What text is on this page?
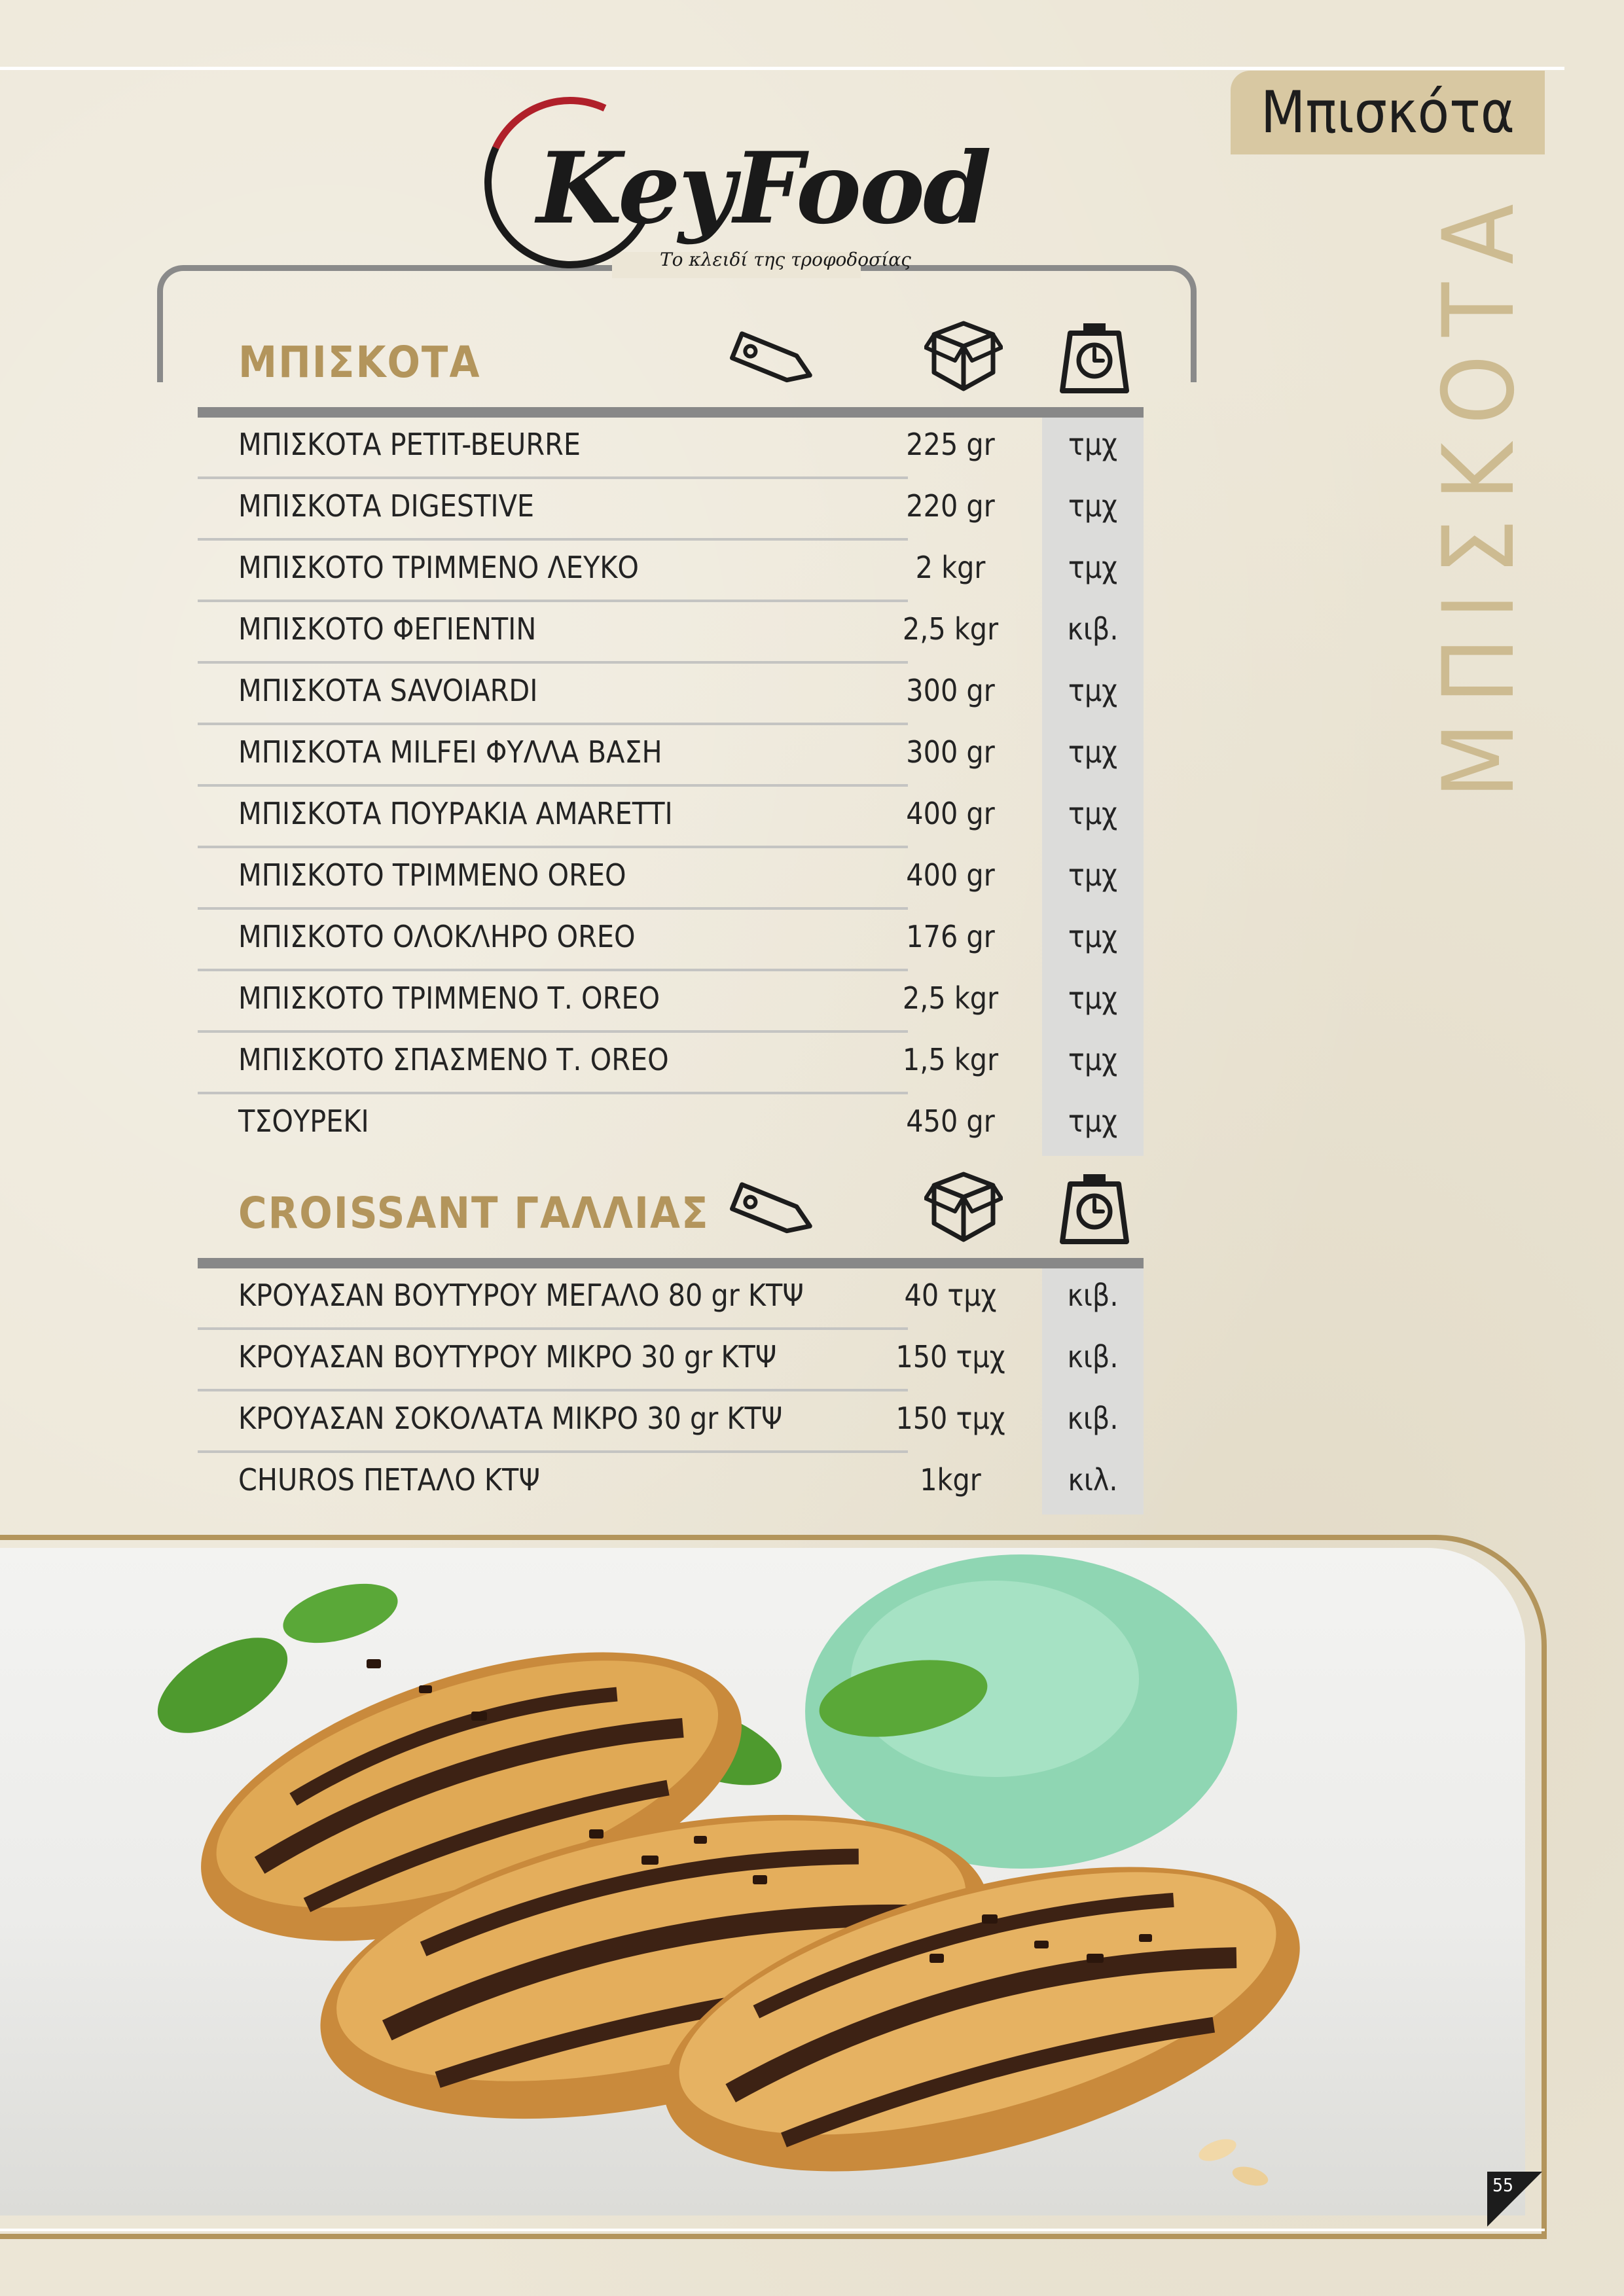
Μπισκότα
ΜΠΙΣΚΟΤΑ
KeyFood
Το κλειδί της τροφοδοσίας
ΜΠΙΣΚΟΤΑ
ΜΠΙΣΚΟΤΑ PETIT-BEURRE	225 gr	τμχ
ΜΠΙΣΚΟΤΑ DIGESTIVE	220 gr	τμχ
ΜΠΙΣΚΟΤΟ ΤΡΙΜΜΕΝΟ ΛΕΥΚΟ	2 kgr	τμχ
ΜΠΙΣΚΟΤΟ ΦΕΓΙΕΝΤΙΝ	2,5 kgr	κιβ.
ΜΠΙΣΚΟΤΑ SAVOIARDI	300 gr	τμχ
ΜΠΙΣΚΟΤΑ MILFEI ΦΥΛΛΑ ΒΑΣΗ	300 gr	τμχ
ΜΠΙΣΚΟΤΑ ΠΟΥΡΑΚΙΑ AMARETTI	400 gr	τμχ
ΜΠΙΣΚΟΤΟ ΤΡΙΜΜΕΝΟ OREO	400 gr	τμχ
ΜΠΙΣΚΟΤΟ ΟΛΟΚΛΗΡΟ OREO	176 gr	τμχ
ΜΠΙΣΚΟΤΟ ΤΡΙΜΜΕΝΟ Τ. OREO	2,5 kgr	τμχ
ΜΠΙΣΚΟΤΟ ΣΠΑΣΜΕΝΟ Τ. OREO	1,5 kgr	τμχ
ΤΣΟΥΡΕΚΙ	450 gr	τμχ
CROISSANT ΓΑΛΛΙΑΣ
ΚΡΟΥΑΣΑΝ ΒΟΥΤΥΡΟΥ ΜΕΓΑΛΟ 80 gr ΚΤΨ	40 τμχ	κιβ.
ΚΡΟΥΑΣΑΝ ΒΟΥΤΥΡΟΥ ΜΙΚΡΟ 30 gr ΚΤΨ	150 τμχ	κιβ.
ΚΡΟΥΑΣΑΝ ΣΟΚΟΛΑΤΑ ΜΙΚΡΟ 30 gr ΚΤΨ	150 τμχ	κιβ.
CHUROS ΠΕΤΑΛΟ ΚΤΨ	1kgr	κιλ.
55
